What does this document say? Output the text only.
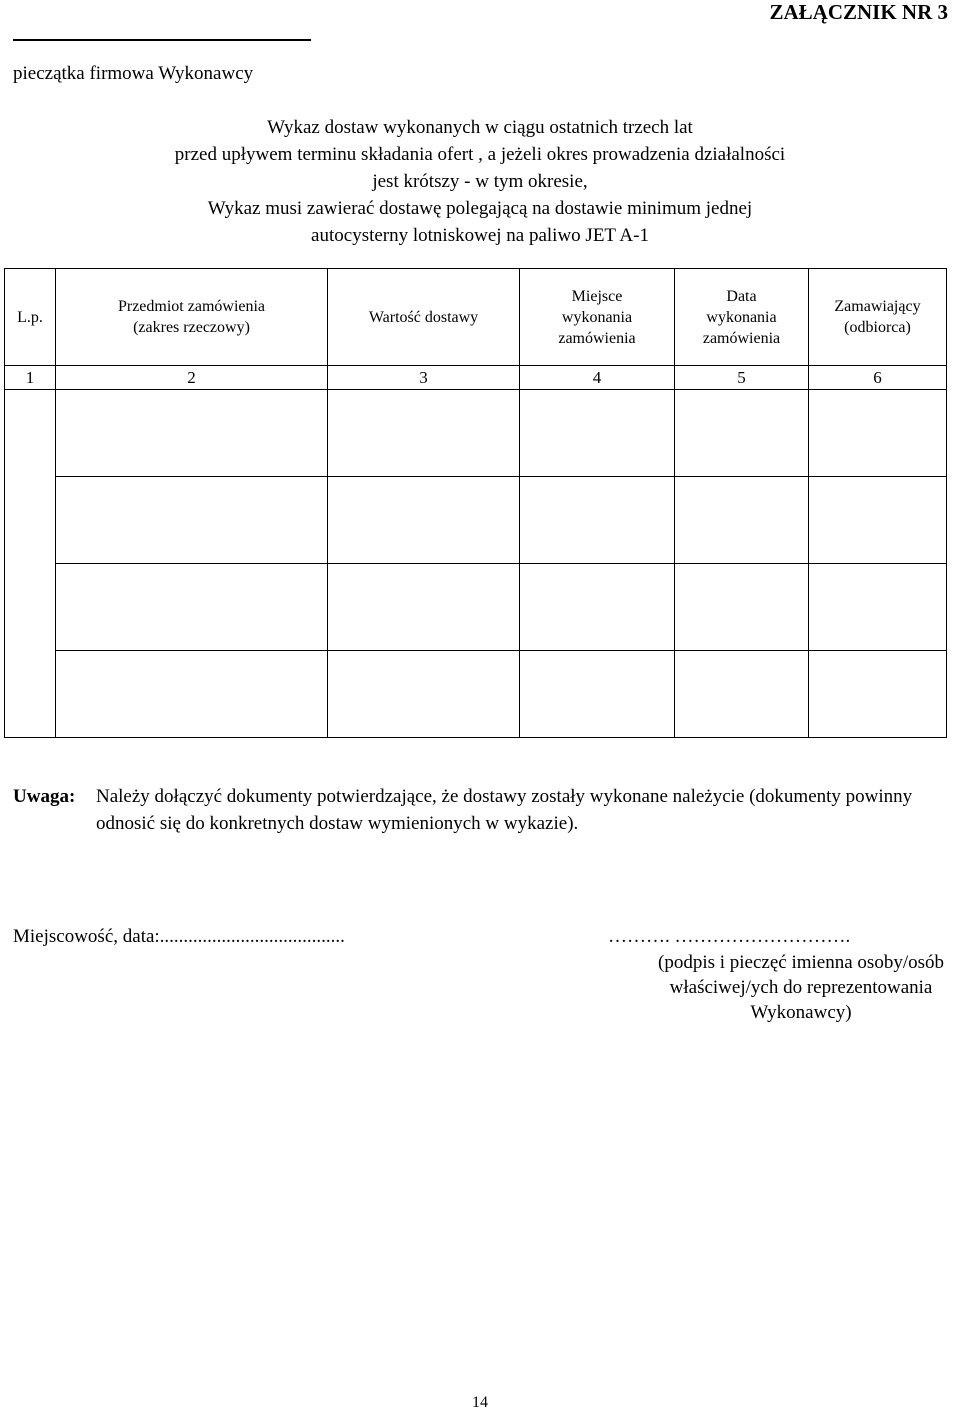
ZAŁĄCZNIK NR 3
pieczątka firmowa Wykonawcy
Wykaz dostaw wykonanych w ciągu ostatnich trzech lat
przed upływem terminu składania ofert , a jeżeli okres prowadzenia działalności
jest krótszy - w tym okresie,
Wykaz musi zawierać dostawę polegającą na dostawie minimum jednej
autocysterny lotniskowej na paliwo JET A-1
L.p.	Przedmiot zamówienia (zakres rzeczowy)	Wartość dostawy	Miejsce wykonania zamówienia	Data wykonania zamówienia	Zamawiający (odbiorca)

1	2	3	4	5	6

Uwaga: Należy dołączyć dokumenty potwierdzające, że dostawy zostały wykonane należycie (dokumenty powinny odnosić się do konkretnych dostaw wymienionych w wykazie).
Miejscowość, data:.......................................	………. ……………………….
(podpis i pieczęć imienna osoby/osób
właściwej/ych do reprezentowania
Wykonawcy)
14
